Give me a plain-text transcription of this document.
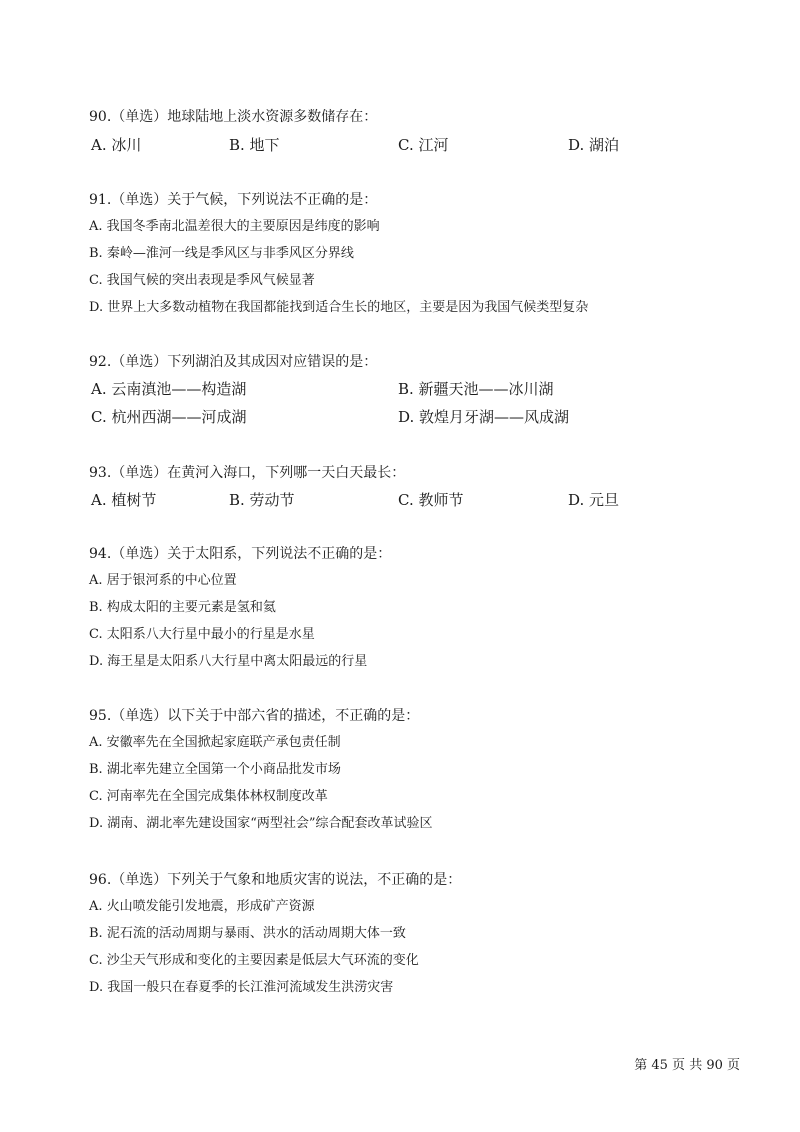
90.（单选）地球陆地上淡水资源多数储存在：
A. 冰川	B. 地下	C. 江河	D. 湖泊
91.（单选）关于气候，下列说法不正确的是：
A. 我国冬季南北温差很大的主要原因是纬度的影响
B. 秦岭—淮河一线是季风区与非季风区分界线
C. 我国气候的突出表现是季风气候显著
D. 世界上大多数动植物在我国都能找到适合生长的地区，主要是因为我国气候类型复杂
92.（单选）下列湖泊及其成因对应错误的是：
A. 云南滇池——构造湖	B. 新疆天池——冰川湖
C. 杭州西湖——河成湖	D. 敦煌月牙湖——风成湖
93.（单选）在黄河入海口，下列哪一天白天最长：
A. 植树节	B. 劳动节	C. 教师节	D. 元旦
94.（单选）关于太阳系，下列说法不正确的是：
A. 居于银河系的中心位置
B. 构成太阳的主要元素是氢和氦
C. 太阳系八大行星中最小的行星是水星
D. 海王星是太阳系八大行星中离太阳最远的行星
95.（单选）以下关于中部六省的描述，不正确的是：
A. 安徽率先在全国掀起家庭联产承包责任制
B. 湖北率先建立全国第一个小商品批发市场
C. 河南率先在全国完成集体林权制度改革
D. 湖南、湖北率先建设国家“两型社会”综合配套改革试验区
96.（单选）下列关于气象和地质灾害的说法，不正确的是：
A. 火山喷发能引发地震，形成矿产资源
B. 泥石流的活动周期与暴雨、洪水的活动周期大体一致
C. 沙尘天气形成和变化的主要因素是低层大气环流的变化
D. 我国一般只在春夏季的长江淮河流域发生洪涝灾害
第 45 页 共 90 页
